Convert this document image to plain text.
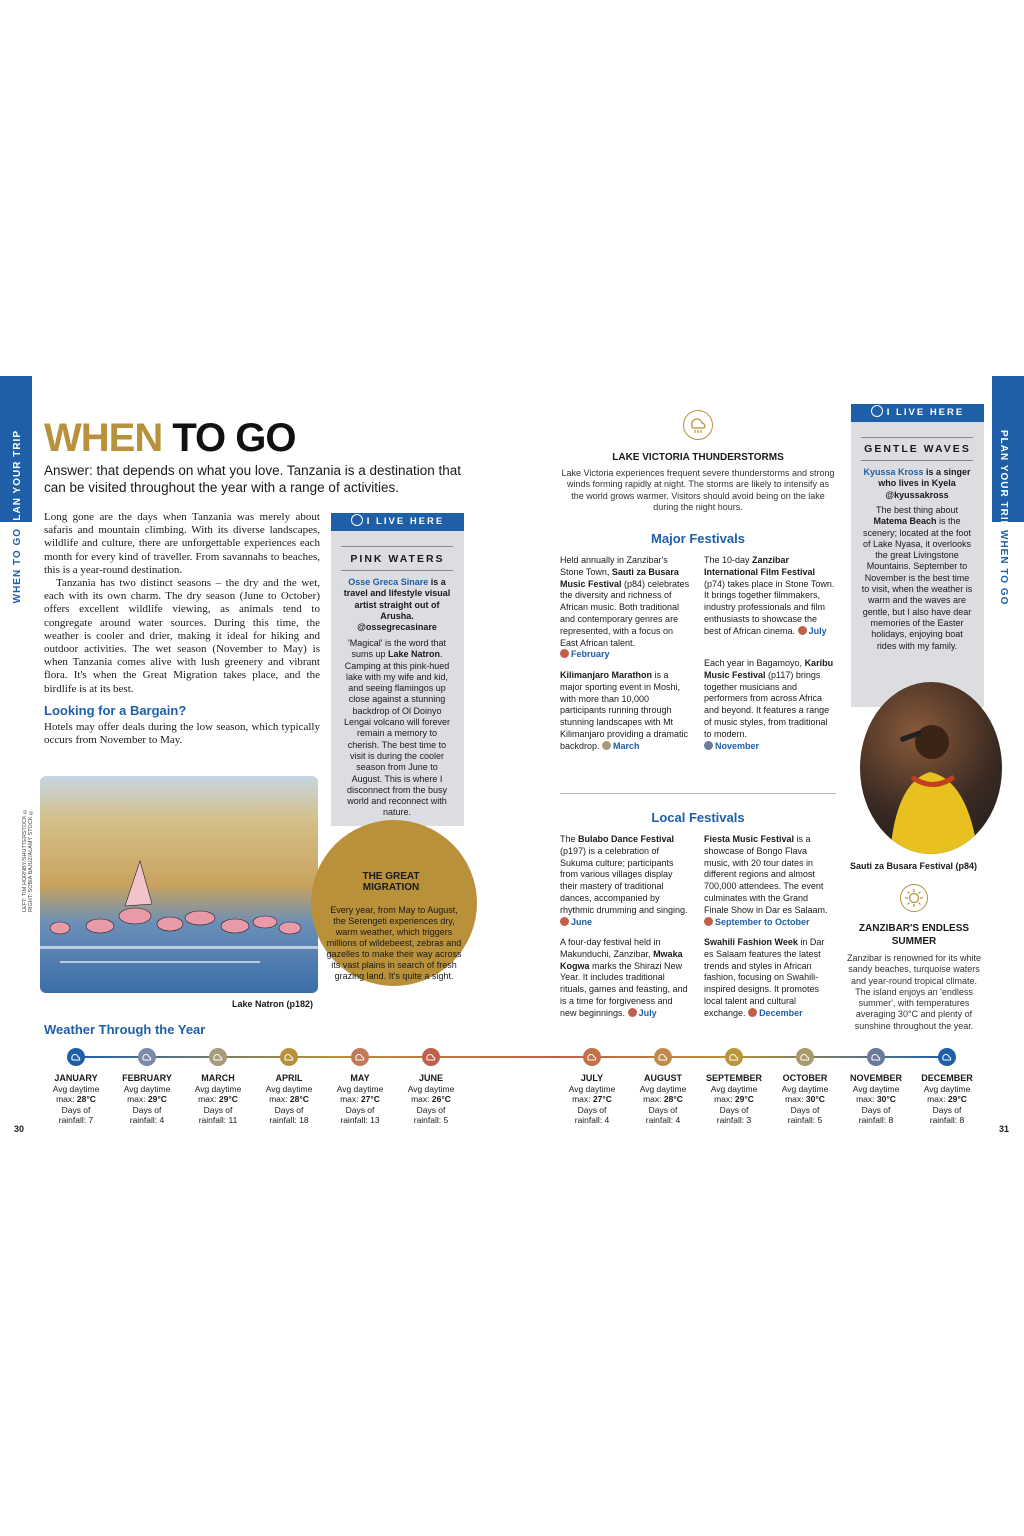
PLAN YOUR TRIP
WHEN TO GO
PLAN YOUR TRIP
WHEN TO GO
WHEN TO GO
Answer: that depends on what you love. Tanzania is a destination that can be visited throughout the year with a range of activities.

Long gone are the days when Tanzania was merely about safaris and mountain climbing. With its diverse landscapes, wildlife and culture, there are unforgettable experiences each month for every kind of traveller. From savannahs to beaches, this is a year-round destination.

Tanzania has two distinct seasons – the dry and the wet, each with its own charm. The dry season (June to October) offers excellent wildlife viewing, as animals tend to congregate around water sources. During this time, the weather is cooler and drier, making it ideal for hiking and outdoor activities. The wet season (November to May) is when Tanzania comes alive with lush greenery and vibrant flora. It's when the Great Migration takes place, and the birdlife is at its best.

Looking for a Bargain?
Hotels may offer deals during the low season, which typically occurs from November to May.
I LIVE HERE
PINK WATERS
Osse Greca Sinare is a travel and lifestyle visual artist straight out of Arusha.
@ossegrecasinare
'Magical' is the word that sums up Lake Natron. Camping at this pink-hued lake with my wife and kid, and seeing flamingos up close against a stunning backdrop of Ol Doinyo Lengai volcano will forever remain a memory to cherish. The best time to visit is during the cooler season from June to August. This is where I disconnect from the busy world and reconnect with nature.
LEFT: TIM HORNBY/SHUTTERSTOCK © RIGHT: SOBIA BAJUZ/ALAMY STOCK ©
Lake Natron (p182)
THE GREAT MIGRATION
Every year, from May to August, the Serengeti experiences dry, warm weather, which triggers millions of wildebeest, zebras and gazelles to make their way across its vast plains in search of fresh grazing land. It's quite a sight.
LAKE VICTORIA THUNDERSTORMS
Lake Victoria experiences frequent severe thunderstorms and strong winds forming rapidly at night. The storms are likely to intensify as the world grows warmer. Visitors should avoid being on the lake during the night hours.
Major Festivals
Held annually in Zanzibar's Stone Town, Sauti za Busara Music Festival (p84) celebrates the diversity and richness of African music. Both traditional and contemporary genres are represented, with a focus on East African talent.
February
Kilimanjaro Marathon is a major sporting event in Moshi, with more than 10,000 participants running through stunning landscapes with Mt Kilimanjaro providing a dramatic backdrop. March
The 10-day Zanzibar International Film Festival (p74) takes place in Stone Town. It brings together filmmakers, industry professionals and film enthusiasts to showcase the best of African cinema. July
Each year in Bagamoyo, Karibu Music Festival (p117) brings together musicians and performers from across Africa and beyond. It features a range of music styles, from traditional to modern.
November
Local Festivals
The Bulabo Dance Festival (p197) is a celebration of Sukuma culture; participants from various villages display their mastery of traditional dances, accompanied by rhythmic drumming and singing. June
A four-day festival held in Makunduchi, Zanzibar, Mwaka Kogwa marks the Shirazi New Year. It includes traditional rituals, games and feasting, and is a time for forgiveness and new beginnings. July
Fiesta Music Festival is a showcase of Bongo Flava music, with 20 tour dates in different regions and almost 700,000 attendees. The event culminates with the Grand Finale Show in Dar es Salaam.
September to October
Swahili Fashion Week in Dar es Salaam features the latest trends and styles in African fashion, focusing on Swahili-inspired designs. It promotes local talent and cultural exchange. December
I LIVE HERE
GENTLE WAVES
Kyussa Kross is a singer who lives in Kyela
@kyussakross
The best thing about Matema Beach is the scenery; located at the foot of Lake Nyasa, it overlooks the great Livingstone Mountains. September to November is the best time to visit, when the weather is warm and the waves are gentle, but I also have dear memories of the Easter holidays, enjoying boat rides with my family.
Sauti za Busara Festival (p84)
ZANZIBAR'S ENDLESS SUMMER
Zanzibar is renowned for its white sandy beaches, turquoise waters and year-round tropical climate. The island enjoys an 'endless summer', with temperatures averaging 30°C and plenty of sunshine throughout the year.
Weather Through the Year
JANUARY
Avg daytime
max: 28°C
Days of
rainfall: 7
FEBRUARY
Avg daytime
max: 29°C
Days of
rainfall: 4
MARCH
Avg daytime
max: 29°C
Days of
rainfall: 11
APRIL
Avg daytime
max: 28°C
Days of
rainfall: 18
MAY
Avg daytime
max: 27°C
Days of
rainfall: 13
JUNE
Avg daytime
max: 26°C
Days of
rainfall: 5
JULY
Avg daytime
max: 27°C
Days of
rainfall: 4
AUGUST
Avg daytime
max: 28°C
Days of
rainfall: 4
SEPTEMBER
Avg daytime
max: 29°C
Days of
rainfall: 3
OCTOBER
Avg daytime
max: 30°C
Days of
rainfall: 5
NOVEMBER
Avg daytime
max: 30°C
Days of
rainfall: 8
DECEMBER
Avg daytime
max: 29°C
Days of
rainfall: 8
30	31
